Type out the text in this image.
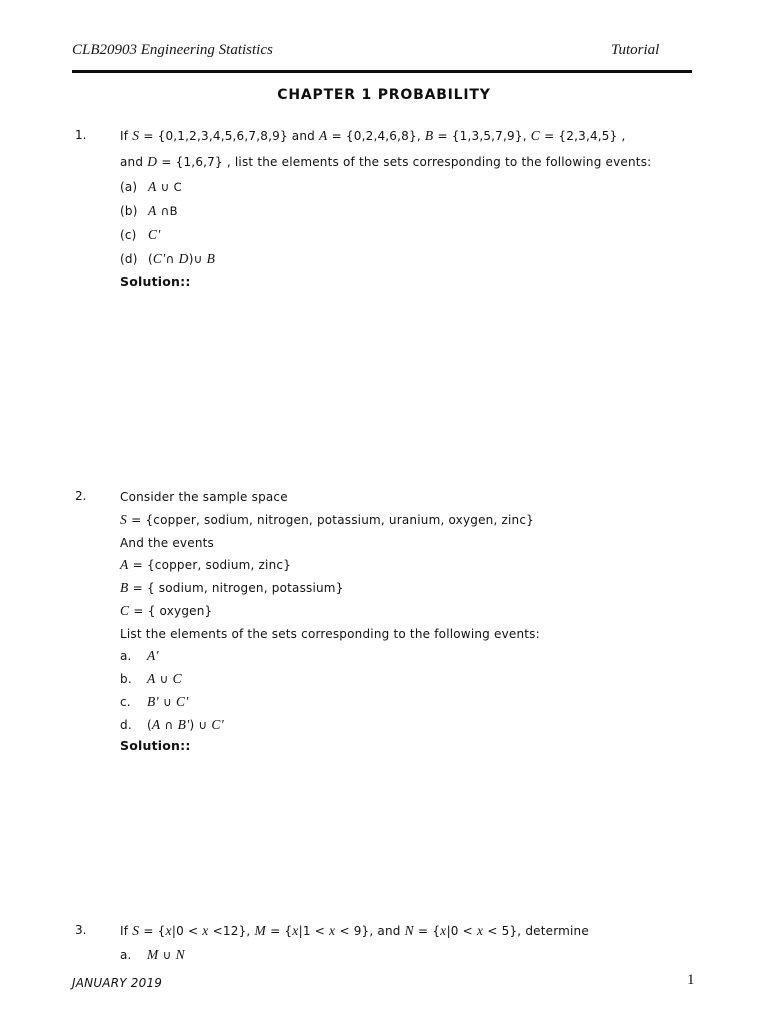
CLB20903 Engineering Statistics	Tutorial
CHAPTER 1 PROBABILITY
1.	If S = {0,1,2,3,4,5,6,7,8,9} and A = {0,2,4,6,8}, B = {1,3,5,7,9}, C = {2,3,4,5} ,
and D = {1,6,7} , list the elements of the sets corresponding to the following events:
(a) A ∪ C
(b) A ∩B
(c) C'
(d) (C'∩ D)∪ B
Solution::
2.	Consider the sample space
S = {copper, sodium, nitrogen, potassium, uranium, oxygen, zinc}
And the events
A = {copper, sodium, zinc}
B = { sodium, nitrogen, potassium}
C = { oxygen}
List the elements of the sets corresponding to the following events:
a. A'
b. A ∪ C
c. B' ∪ C'
d. (A ∩ B') ∪ C'
Solution::
3.	If S = {x|0 < x <12}, M = {x|1 < x < 9}, and N = {x|0 < x < 5}, determine
a. M ∪ N
JANUARY 2019	1
